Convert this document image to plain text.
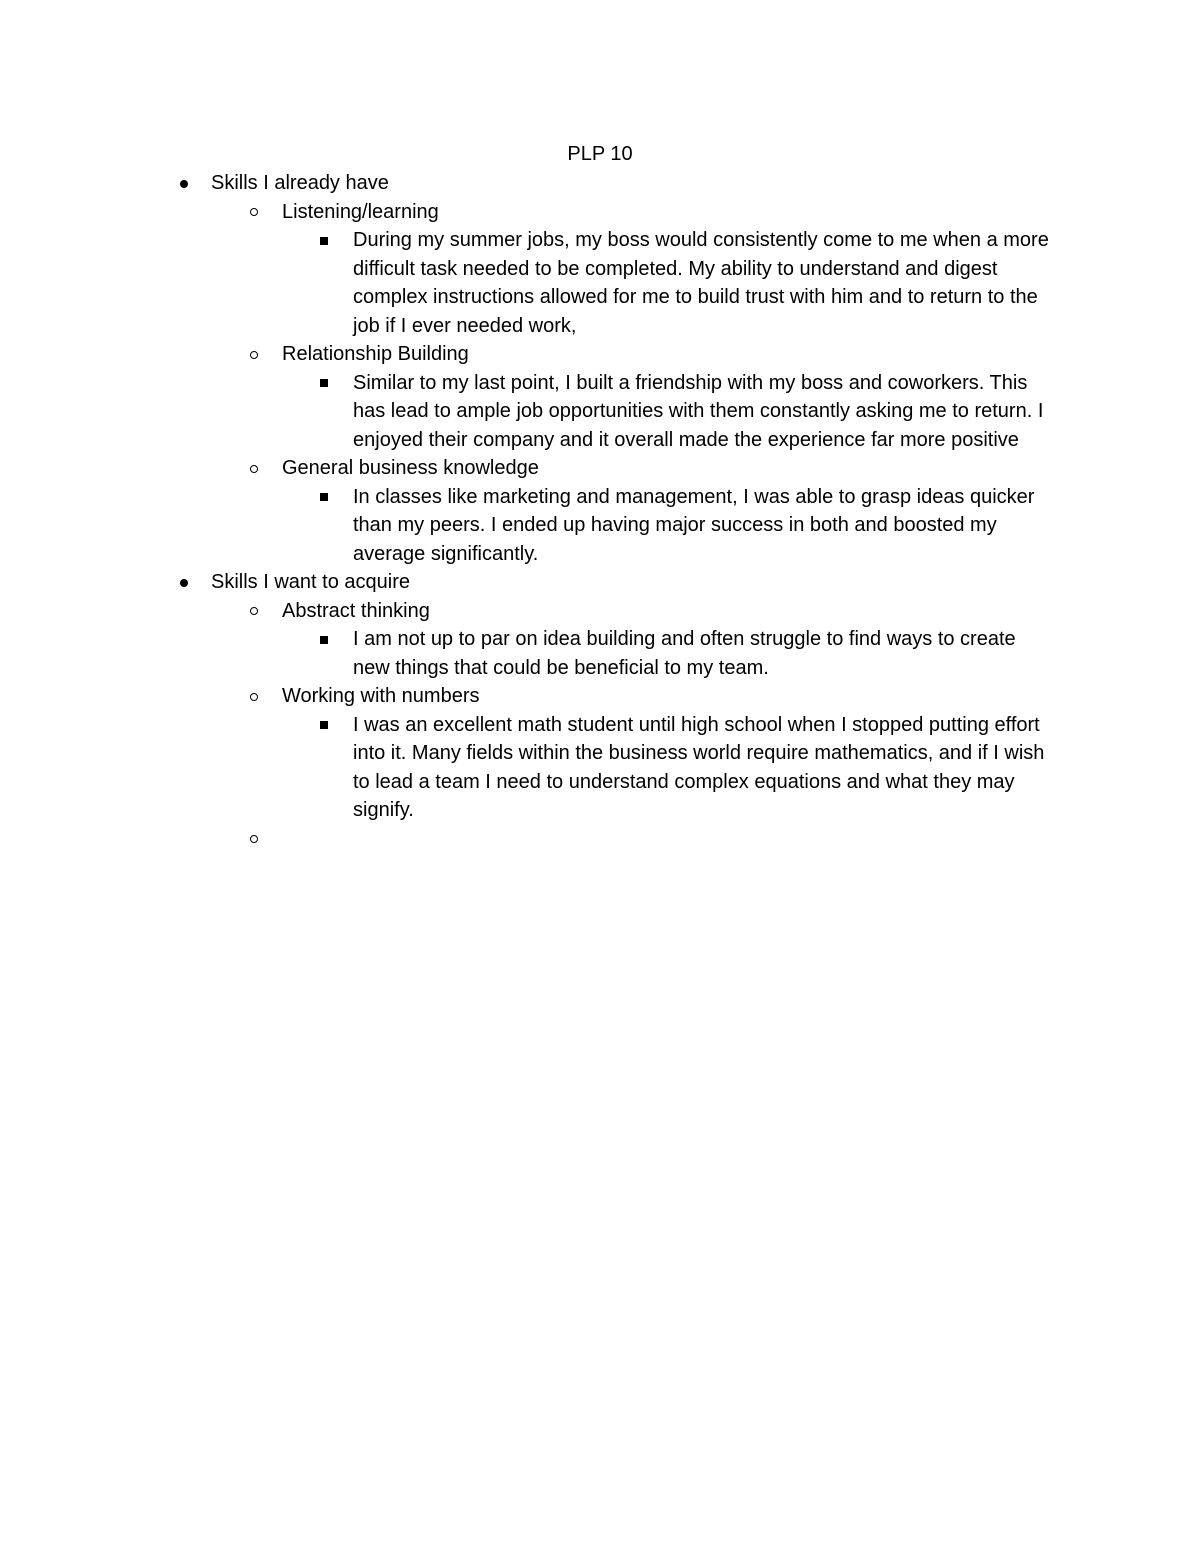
PLP 10
Skills I already have
Listening/learning
During my summer jobs, my boss would consistently come to me when a more difficult task needed to be completed. My ability to understand and digest complex instructions allowed for me to build trust with him and to return to the job if I ever needed work,
Relationship Building
Similar to my last point, I built a friendship with my boss and coworkers. This has lead to ample job opportunities with them constantly asking me to return. I enjoyed their company and it overall made the experience far more positive
General business knowledge
In classes like marketing and management, I was able to grasp ideas quicker than my peers. I ended up having major success in both and boosted my average significantly.
Skills I want to acquire
Abstract thinking
I am not up to par on idea building and often struggle to find ways to create new things that could be beneficial to my team.
Working with numbers
I was an excellent math student until high school when I stopped putting effort into it. Many fields within the business world require mathematics, and if I wish to lead a team I need to understand complex equations and what they may signify.
